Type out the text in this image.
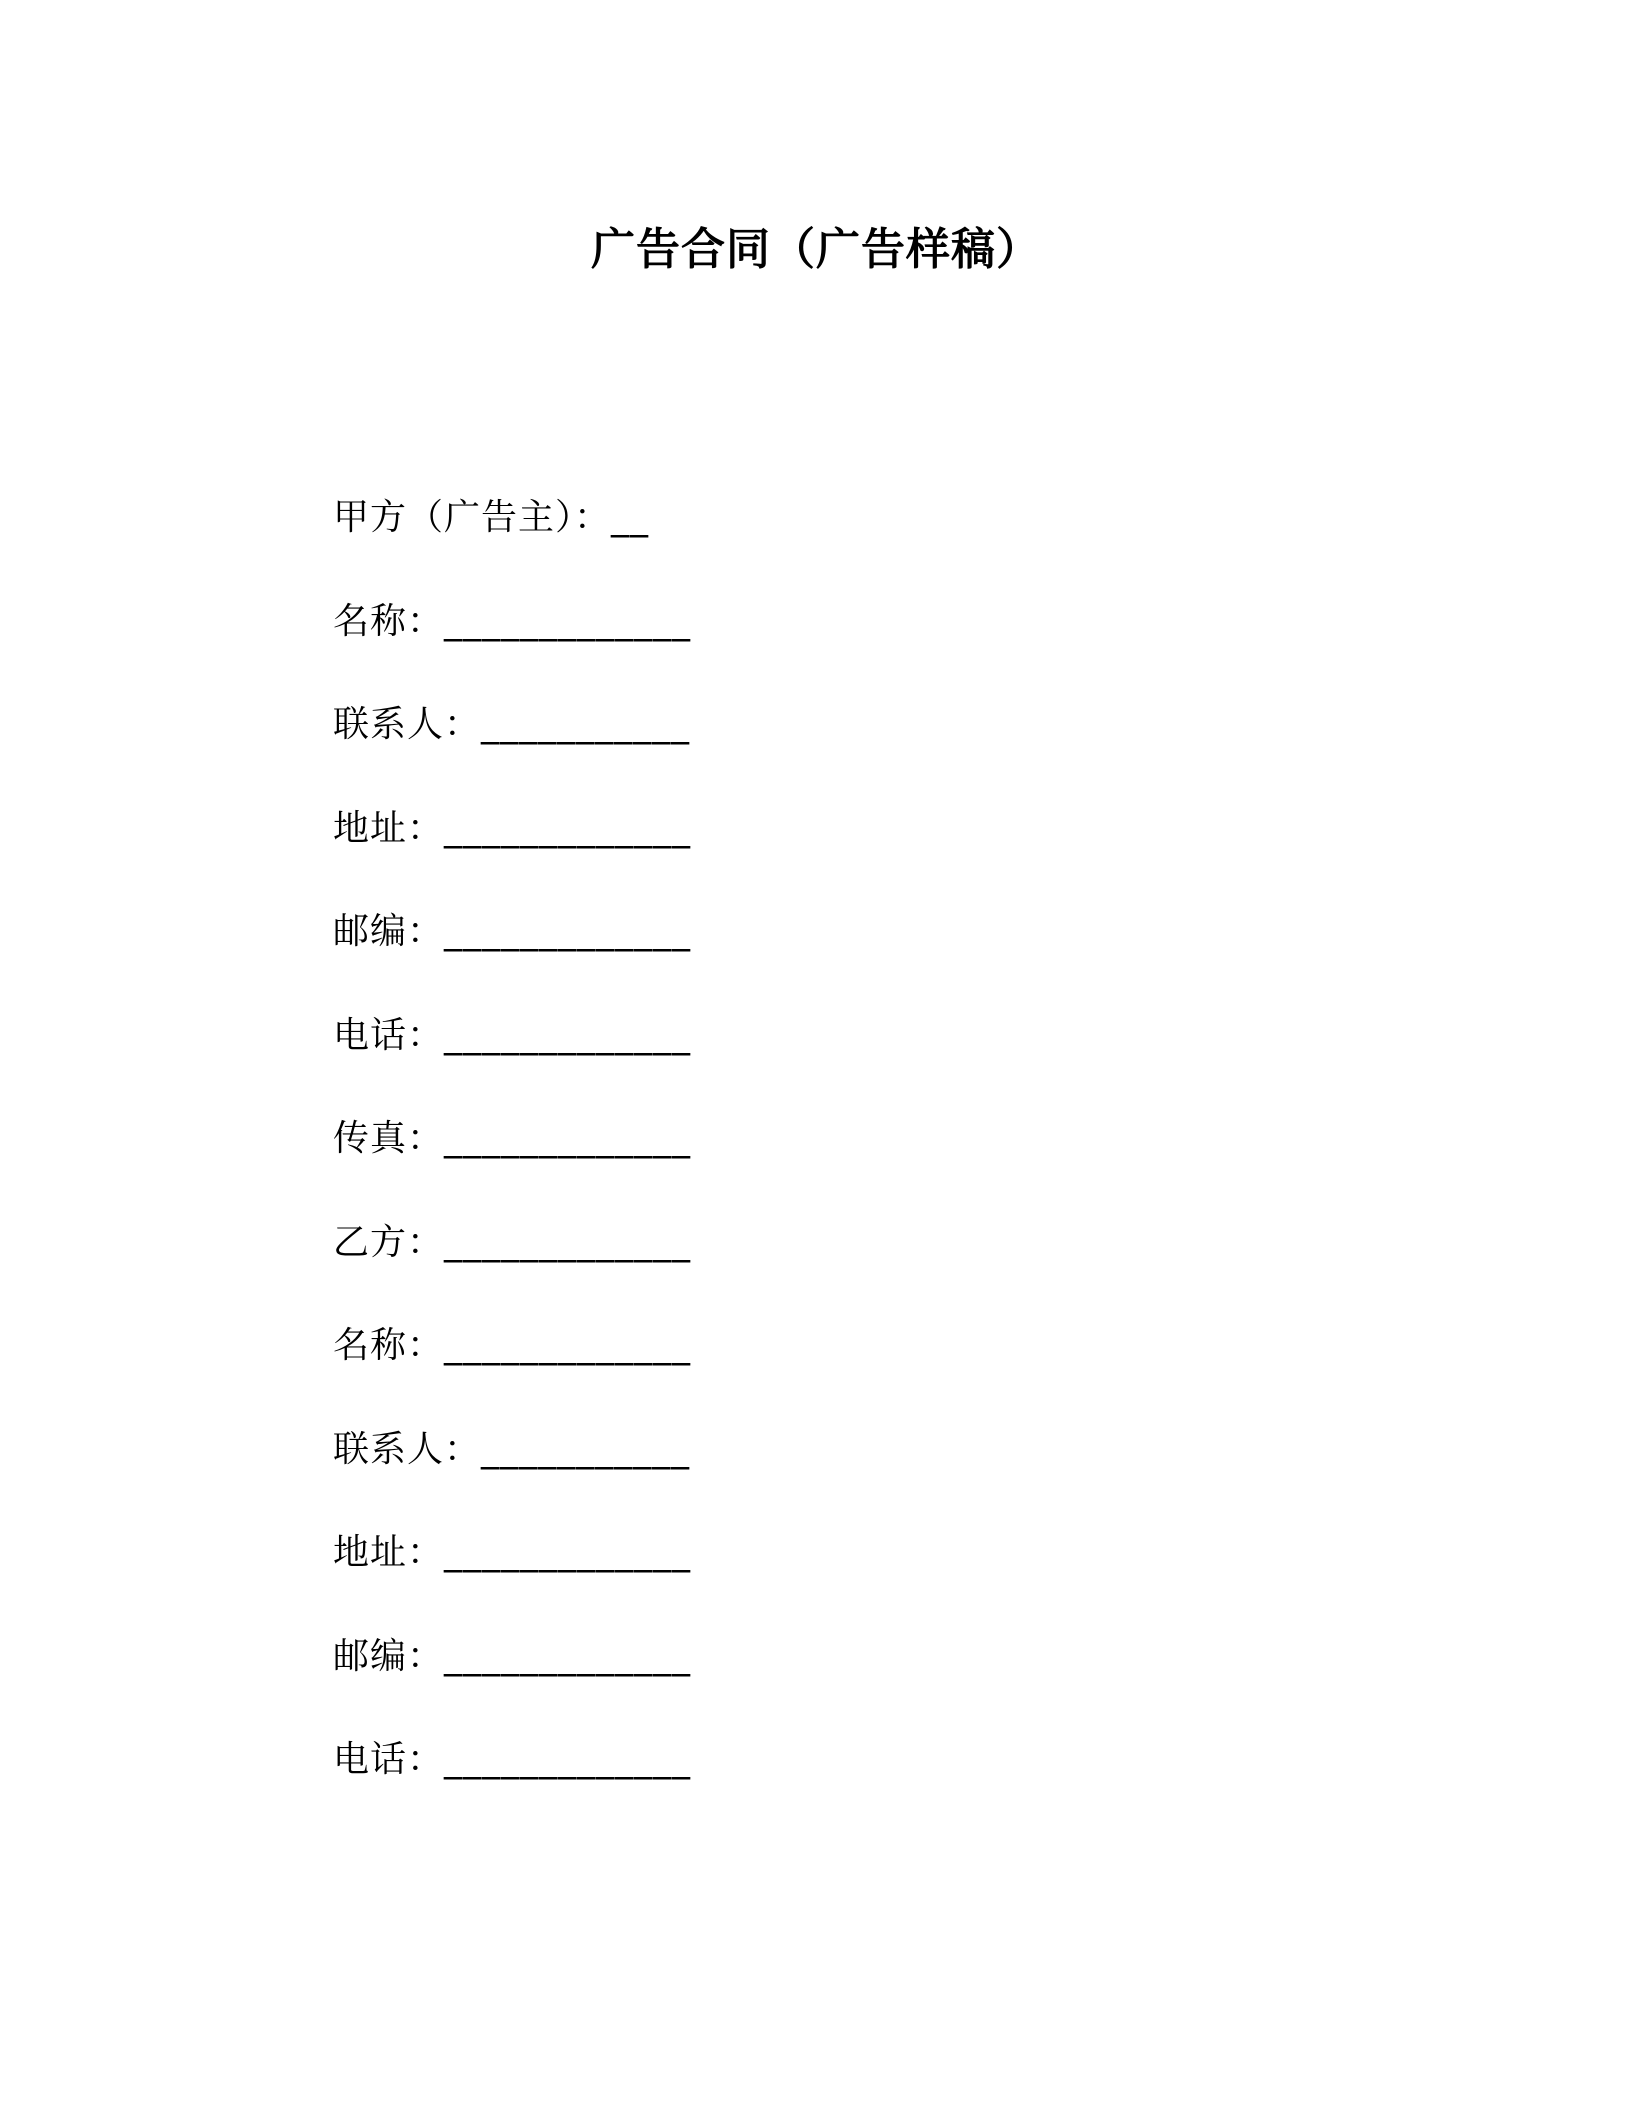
广告合同（广告样稿）
甲方（广告主）：__
名称：_____________
联系人：___________
地址：_____________
邮编：_____________
电话：_____________
传真：_____________
乙方：_____________
名称：_____________
联系人：___________
地址：_____________
邮编：_____________
电话：_____________
